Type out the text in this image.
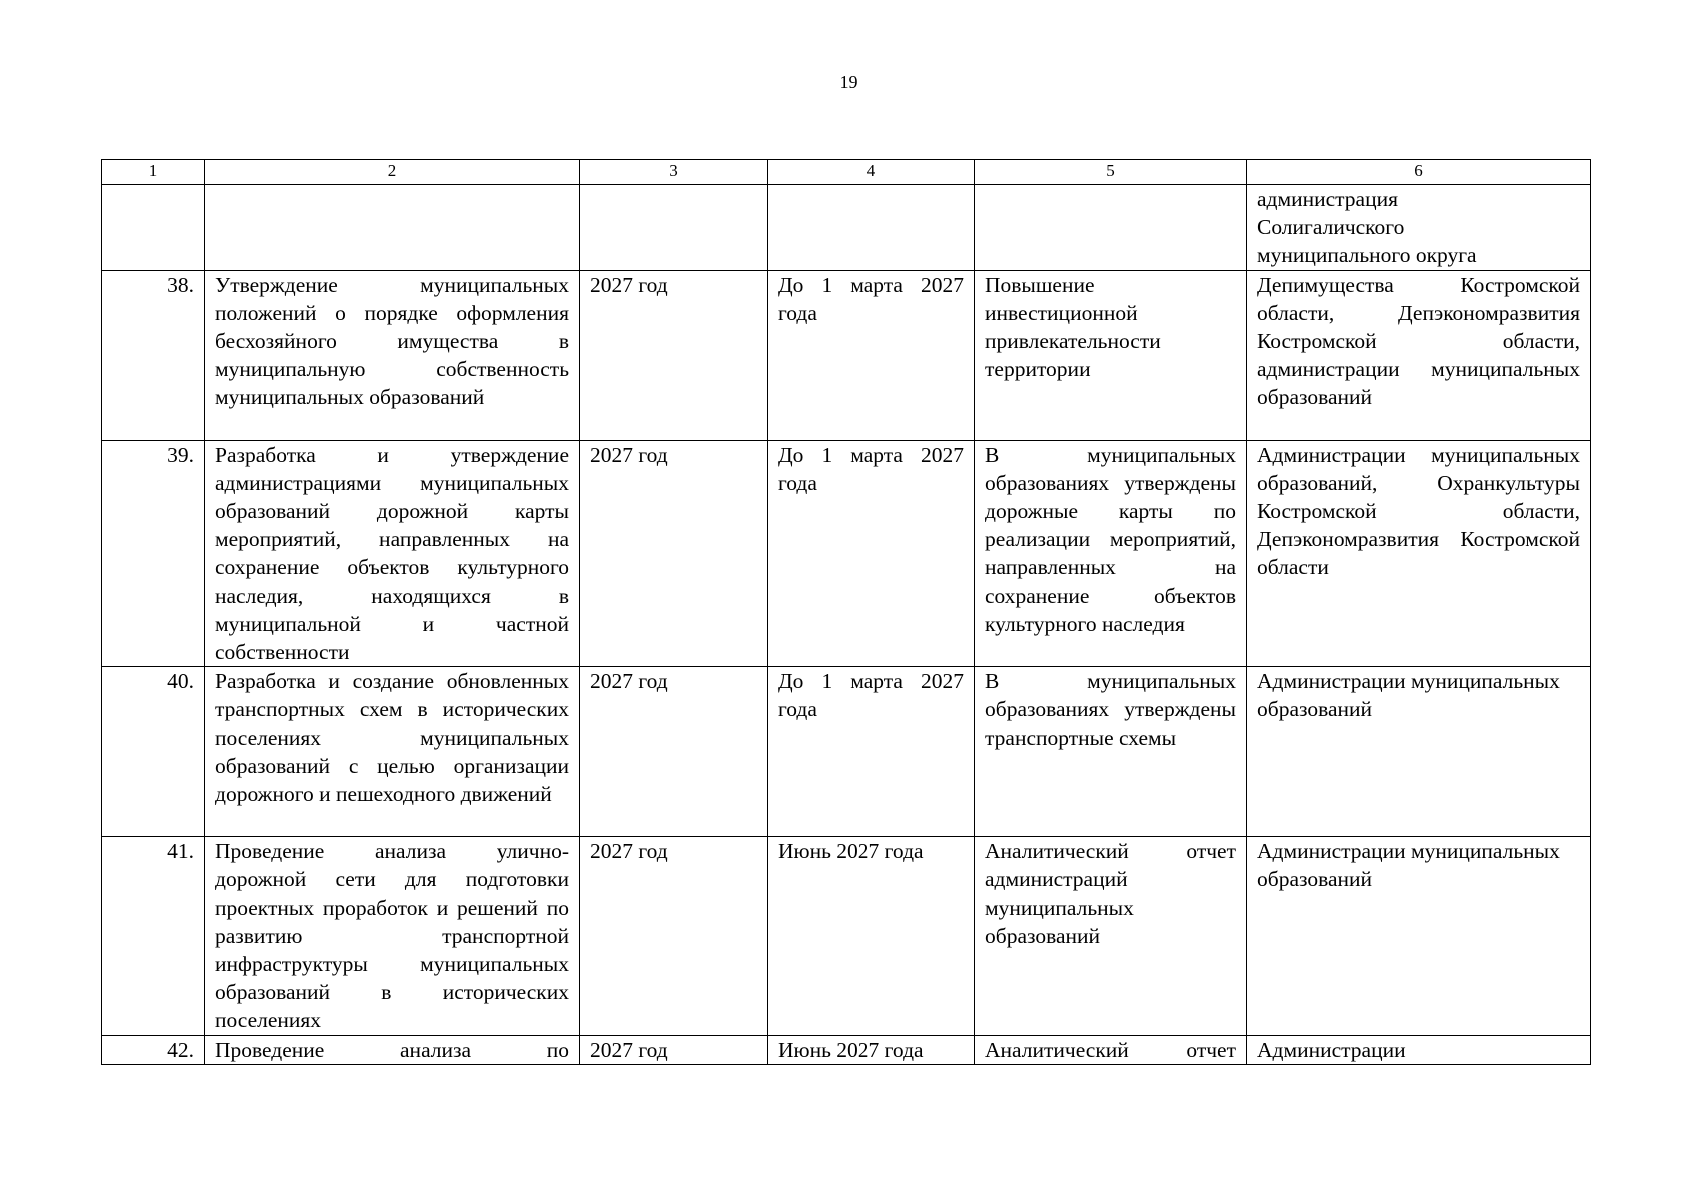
19
1	2	3	4	5	6
					администрация Солигаличского муниципального округа
38.	Утверждение муниципальных положений о порядке оформления бесхозяйного имущества в муниципальную собственность муниципальных образований	2027 год	До 1 марта 2027 года	Повышение инвестиционной привлекательности территории	Депимущества Костромской области, Депэкономразвития Костромской области, администрации муниципальных образований
39.	Разработка и утверждение администрациями муниципальных образований дорожной карты мероприятий, направленных на сохранение объектов культурного наследия, находящихся в муниципальной и частной собственности	2027 год	До 1 марта 2027 года	В муниципальных образованиях утверждены дорожные карты по реализации мероприятий, направленных на сохранение объектов культурного наследия	Администрации муниципальных образований, Охранкультуры Костромской области, Депэкономразвития Костромской области
40.	Разработка и создание обновленных транспортных схем в исторических поселениях муниципальных образований с целью организации дорожного и пешеходного движений	2027 год	До 1 марта 2027 года	В муниципальных образованиях утверждены транспортные схемы	Администрации муниципальных образований
41.	Проведение анализа улично-дорожной сети для подготовки проектных проработок и решений по развитию транспортной инфраструктуры муниципальных образований в исторических поселениях	2027 год	Июнь 2027 года	Аналитический отчет администраций муниципальных образований	Администрации муниципальных образований
42.	Проведение анализа по	2027 год	Июнь 2027 года	Аналитический отчет	Администрации
